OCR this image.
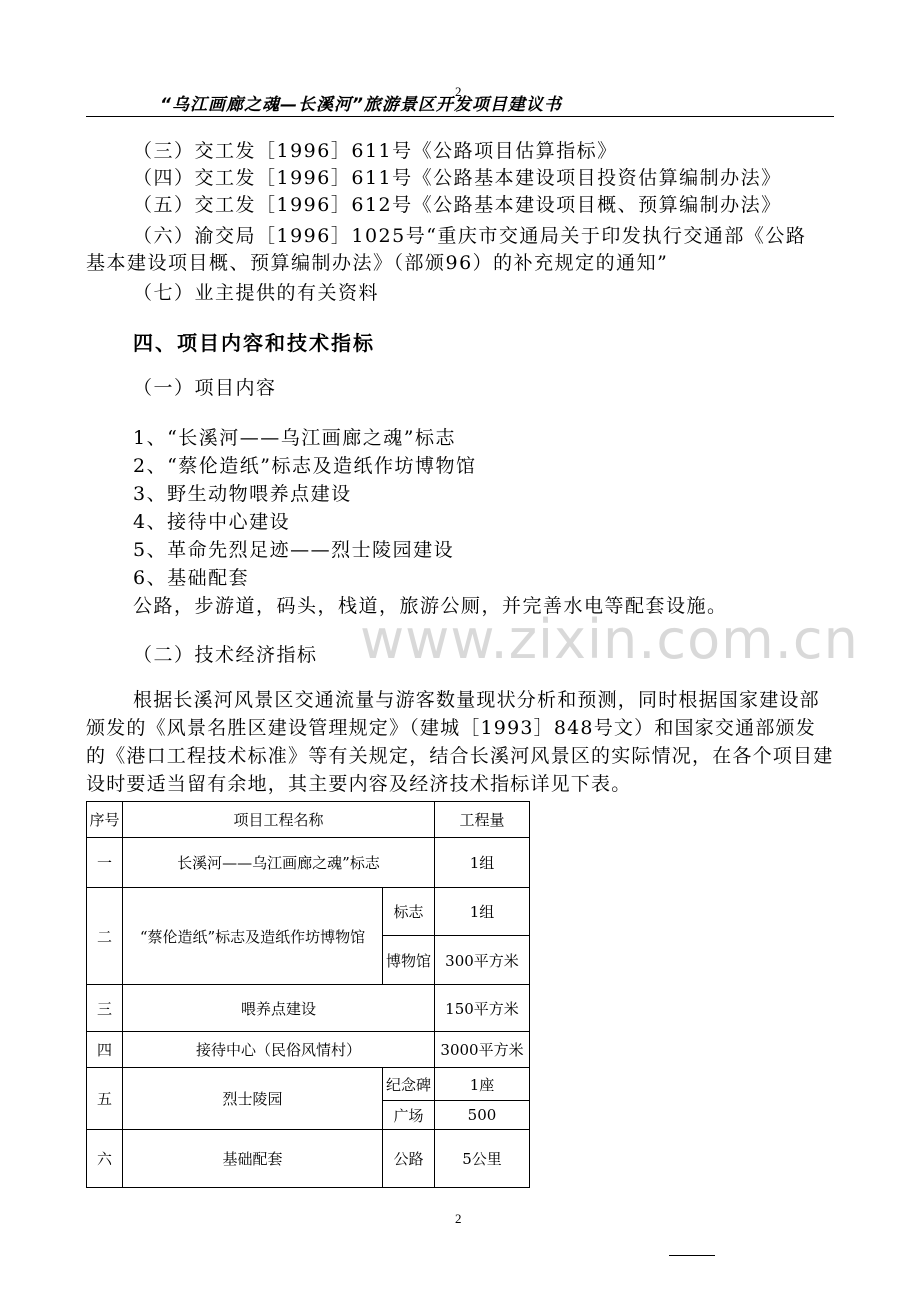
2
“乌江画廊之魂—长溪河”旅游景区开发项目建议书
（三）交工发［1996］611号《公路项目估算指标》
（四）交工发［1996］611号《公路基本建设项目投资估算编制办法》
（五）交工发［1996］612号《公路基本建设项目概、预算编制办法》
（六）渝交局［1996］1025号“重庆市交通局关于印发执行交通部《公路
基本建设项目概、预算编制办法》（部颁96）的补充规定的通知”
（七）业主提供的有关资料
四、项目内容和技术指标
（一）项目内容
1、“长溪河——乌江画廊之魂”标志
2、“蔡伦造纸”标志及造纸作坊博物馆
3、野生动物喂养点建设
4、接待中心建设
5、革命先烈足迹——烈士陵园建设
6、基础配套
公路，步游道，码头，栈道，旅游公厕，并完善水电等配套设施。
www.zixin.com.cn
（二）技术经济指标

根据长溪河风景区交通流量与游客数量现状分析和预测，同时根据国家建设部颁发的《风景名胜区建设管理规定》（建城［1993］848号文）和国家交通部颁发的《港口工程技术标准》等有关规定，结合长溪河风景区的实际情况，在各个项目建设时要适当留有余地，其主要内容及经济技术指标详见下表。

序号	项目工程名称		工程量
一	长溪河——乌江画廊之魂”标志		1组
二	“蔡伦造纸”标志及造纸作坊博物馆	标志	1组
		博物馆	300平方米
三	喂养点建设		150平方米
四	接待中心（民俗风情村）		3000平方米
五	烈士陵园	纪念碑	1座
		广场	500
六	基础配套	公路	5公里
2
